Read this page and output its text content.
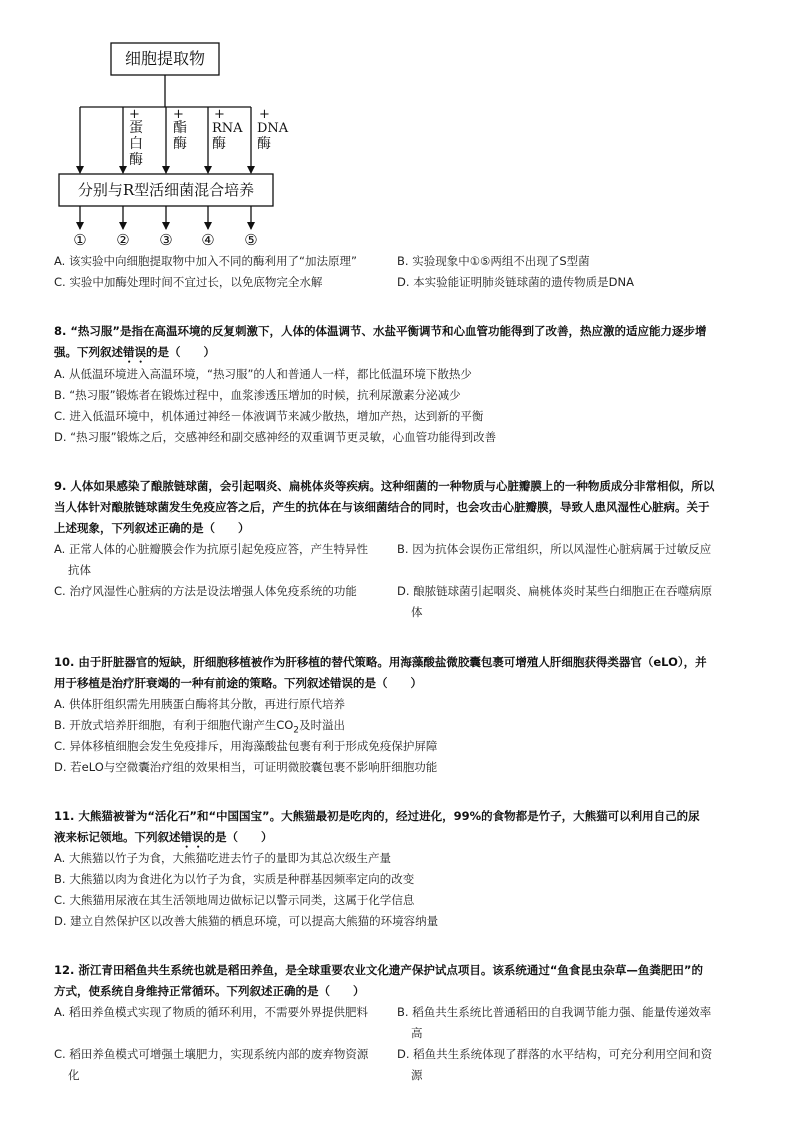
细胞提取物
分别与R型活细菌混合培养
+
蛋白酶
+
酯酶
+
RNA
酶
+
DNA
酶
①	②	③	④	⑤
A. 该实验中向细胞提取物中加入不同的酶利用了“加法原理”	B. 实验现象中①⑤两组不出现了S型菌
C. 实验中加酶处理时间不宜过长，以免底物完全水解	D. 本实验能证明肺炎链球菌的遗传物质是DNA
8. “热习服”是指在高温环境的反复刺激下，人体的体温调节、水盐平衡调节和心血管功能得到了改善，热应激的适应能力逐步增
强。下列叙述错误的是（　　）
A. 从低温环境进入高温环境，“热习服”的人和普通人一样，都比低温环境下散热少
B. “热习服”锻炼者在锻炼过程中，血浆渗透压增加的时候，抗利尿激素分泌减少
C. 进入低温环境中，机体通过神经－体液调节来减少散热，增加产热，达到新的平衡
D. “热习服”锻炼之后，交感神经和副交感神经的双重调节更灵敏，心血管功能得到改善
9. 人体如果感染了酿脓链球菌，会引起咽炎、扁桃体炎等疾病。这种细菌的一种物质与心脏瓣膜上的一种物质成分非常相似，所以
当人体针对酿脓链球菌发生免疫应答之后，产生的抗体在与该细菌结合的同时，也会攻击心脏瓣膜，导致人患风湿性心脏病。关于
上述现象，下列叙述正确的是（　　）
A. 正常人体的心脏瓣膜会作为抗原引起免疫应答，产生特异性
抗体
B. 因为抗体会误伤正常组织，所以风湿性心脏病属于过敏反应
C. 治疗风湿性心脏病的方法是设法增强人体免疫系统的功能	D. 酿脓链球菌引起咽炎、扁桃体炎时某些白细胞正在吞噬病原
体
10. 由于肝脏器官的短缺，肝细胞移植被作为肝移植的替代策略。用海藻酸盐微胶囊包裹可增殖人肝细胞获得类器官（eLO），并
用于移植是治疗肝衰竭的一种有前途的策略。下列叙述错误的是（　　）
A. 供体肝组织需先用胰蛋白酶将其分散，再进行原代培养
B. 开放式培养肝细胞，有利于细胞代谢产生$CO_2$及时溢出
C. 异体移植细胞会发生免疫排斥，用海藻酸盐包裹有利于形成免疫保护屏障
D. 若eLO与空微囊治疗组的效果相当，可证明微胶囊包裹不影响肝细胞功能
11. 大熊猫被誉为“活化石”和“中国国宝”。大熊猫最初是吃肉的，经过进化，99%的食物都是竹子，大熊猫可以利用自己的尿
液来标记领地。下列叙述错误的是（　　）
A. 大熊猫以竹子为食，大熊猫吃进去竹子的量即为其总次级生产量
B. 大熊猫以肉为食进化为以竹子为食，实质是种群基因频率定向的改变
C. 大熊猫用尿液在其生活领地周边做标记以警示同类，这属于化学信息
D. 建立自然保护区以改善大熊猫的栖息环境，可以提高大熊猫的环境容纳量
12. 浙江青田稻鱼共生系统也就是稻田养鱼，是全球重要农业文化遗产保护试点项目。该系统通过“鱼食昆虫杂草—鱼粪肥田”的
方式，使系统自身维持正常循环。下列叙述正确的是（　　）
A. 稻田养鱼模式实现了物质的循环利用，不需要外界提供肥料	B. 稻鱼共生系统比普通稻田的自我调节能力强、能量传递效率
高
C. 稻田养鱼模式可增强土壤肥力，实现系统内部的废弃物资源
化
D. 稻鱼共生系统体现了群落的水平结构，可充分利用空间和资
源
